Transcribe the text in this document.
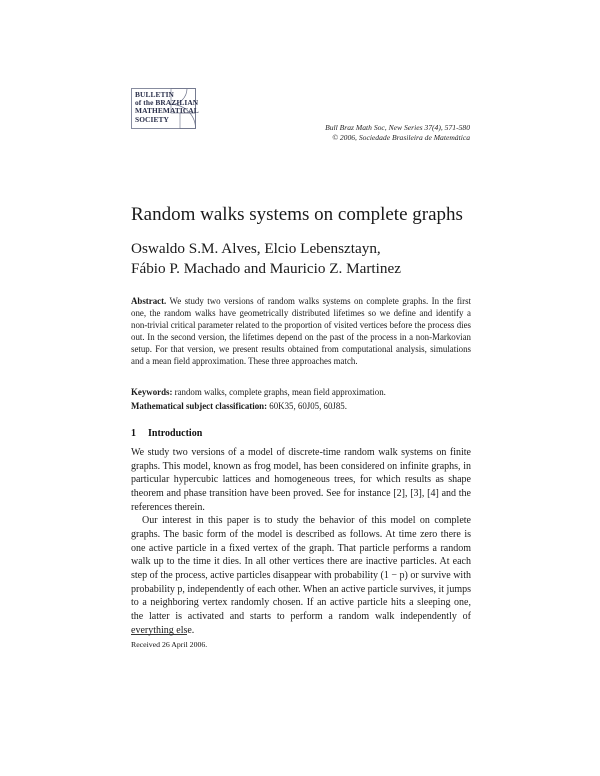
BULLETIN
of the BRAZILIAN
MATHEMATICAL
SOCIETY
Bull Braz Math Soc, New Series 37(4), 571-580
© 2006, Sociedade Brasileira de Matemática
Random walks systems on complete graphs
Oswaldo S.M. Alves, Elcio Lebensztayn,
Fábio P. Machado and Mauricio Z. Martinez
Abstract. We study two versions of random walks systems on complete graphs. In the first one, the random walks have geometrically distributed lifetimes so we define and identify a non-trivial critical parameter related to the proportion of visited vertices before the process dies out. In the second version, the lifetimes depend on the past of the process in a non-Markovian setup. For that version, we present results obtained from computational analysis, simulations and a mean field approximation. These three approaches match.
Keywords: random walks, complete graphs, mean field approximation.
Mathematical subject classification: 60K35, 60J05, 60J85.
1 Introduction

We study two versions of a model of discrete-time random walk systems on finite graphs. This model, known as frog model, has been considered on infinite graphs, in particular hypercubic lattices and homogeneous trees, for which results as shape theorem and phase transition have been proved. See for instance [2], [3], [4] and the references therein.

Our interest in this paper is to study the behavior of this model on complete graphs. The basic form of the model is described as follows. At time zero there is one active particle in a fixed vertex of the graph. That particle performs a random walk up to the time it dies. In all other vertices there are inactive particles. At each step of the process, active particles disappear with probability (1 − p) or survive with probability p, independently of each other. When an active particle survives, it jumps to a neighboring vertex randomly chosen. If an active particle hits a sleeping one, the latter is activated and starts to perform a random walk independently of everything else.

Received 26 April 2006.
